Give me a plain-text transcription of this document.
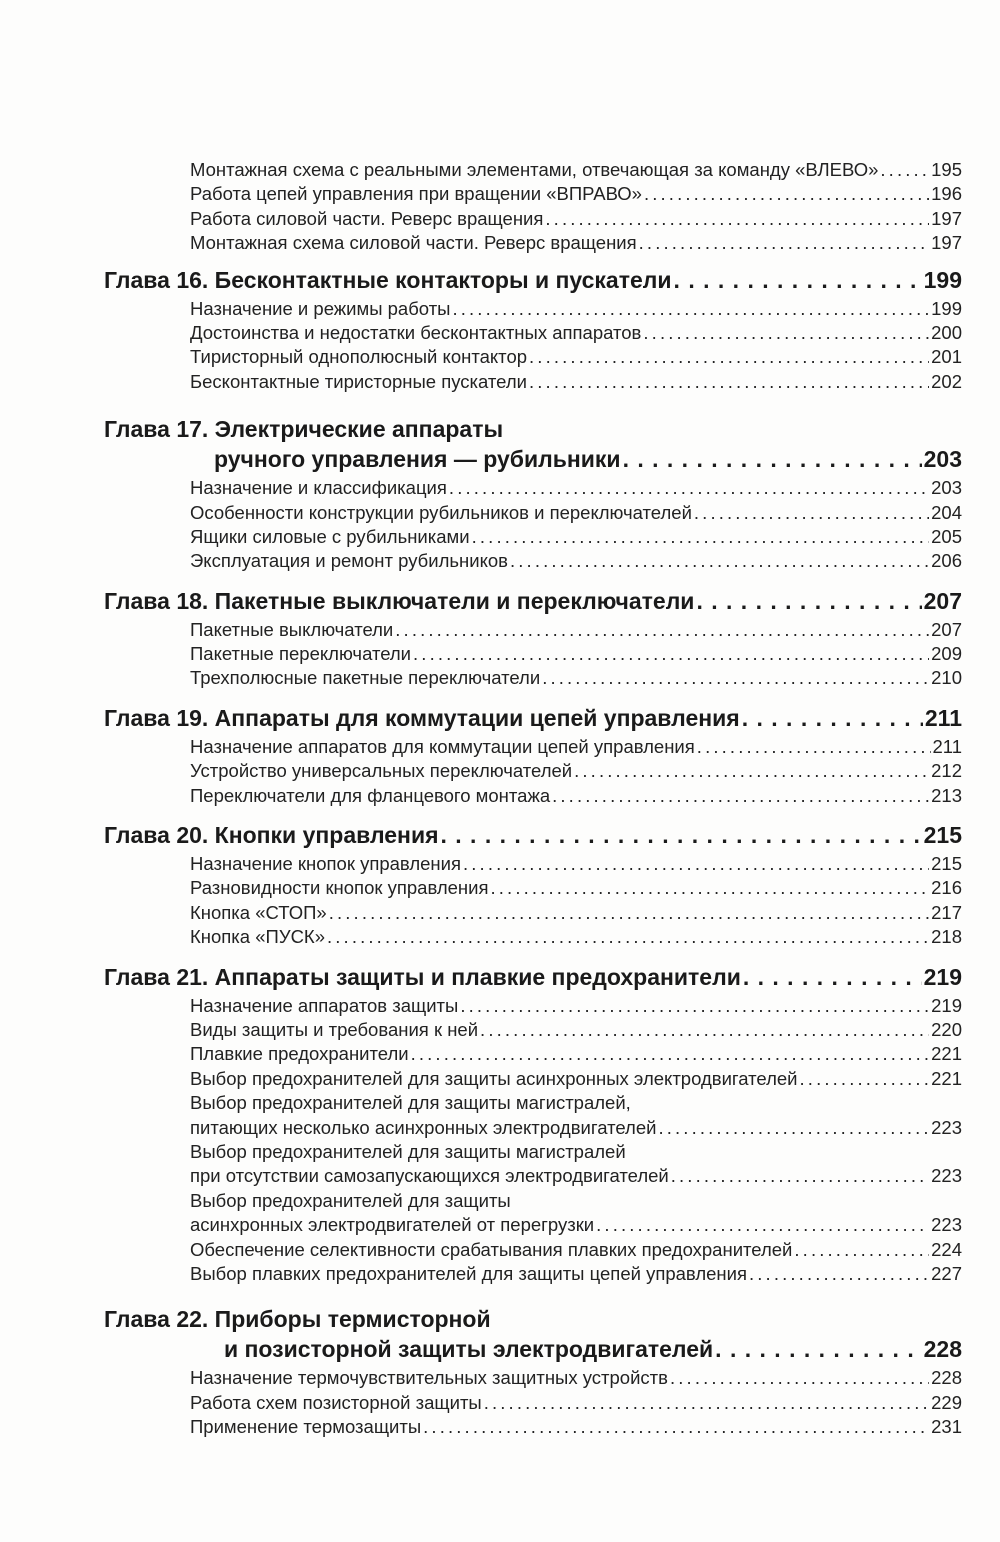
Монтажная схема с реальными элементами, отвечающая за команду «ВЛЕВО» . . .	195
Работа цепей управления при вращении «ВПРАВО» . . .	196
Работа силовой части. Реверс вращения . . .	197
Монтажная схема силовой части. Реверс вращения . . .	197
Глава 16. Бесконтактные контакторы и пускатели . . .	199
Назначение и режимы работы . . .	199
Достоинства и недостатки бесконтактных аппаратов . . .	200
Тиристорный однополюсный контактор . . .	201
Бесконтактные тиристорные пускатели . . .	202
Глава 17. Электрические аппараты
ручного управления — рубильники . . .	203
Назначение и классификация . . .	203
Особенности конструкции рубильников и переключателей . . .	204
Ящики силовые с рубильниками . . .	205
Эксплуатация и ремонт рубильников . . .	206
Глава 18. Пакетные выключатели и переключатели . . .	207
Пакетные выключатели . . .	207
Пакетные переключатели . . .	209
Трехполюсные пакетные переключатели . . .	210
Глава 19. Аппараты для коммутации цепей управления . . .	211
Назначение аппаратов для коммутации цепей управления . . .	211
Устройство универсальных переключателей . . .	212
Переключатели для фланцевого монтажа . . .	213
Глава 20. Кнопки управления . . .	215
Назначение кнопок управления . . .	215
Разновидности кнопок управления . . .	216
Кнопка «СТОП» . . .	217
Кнопка «ПУСК» . . .	218
Глава 21. Аппараты защиты и плавкие предохранители . . .	219
Назначение аппаратов защиты . . .	219
Виды защиты и требования к ней . . .	220
Плавкие предохранители . . .	221
Выбор предохранителей для защиты асинхронных электродвигателей . . .	221
Выбор предохранителей для защиты магистралей,
питающих несколько асинхронных электродвигателей . . .	223
Выбор предохранителей для защиты магистралей
при отсутствии самозапускающихся электродвигателей . . .	223
Выбор предохранителей для защиты
асинхронных электродвигателей от перегрузки . . .	223
Обеспечение селективности срабатывания плавких предохранителей . . .	224
Выбор плавких предохранителей для защиты цепей управления . . .	227
Глава 22. Приборы термисторной
и позисторной защиты электродвигателей . . .	228
Назначение термочувствительных защитных устройств . . .	228
Работа схем позисторной защиты . . .	229
Применение термозащиты . . .	231
